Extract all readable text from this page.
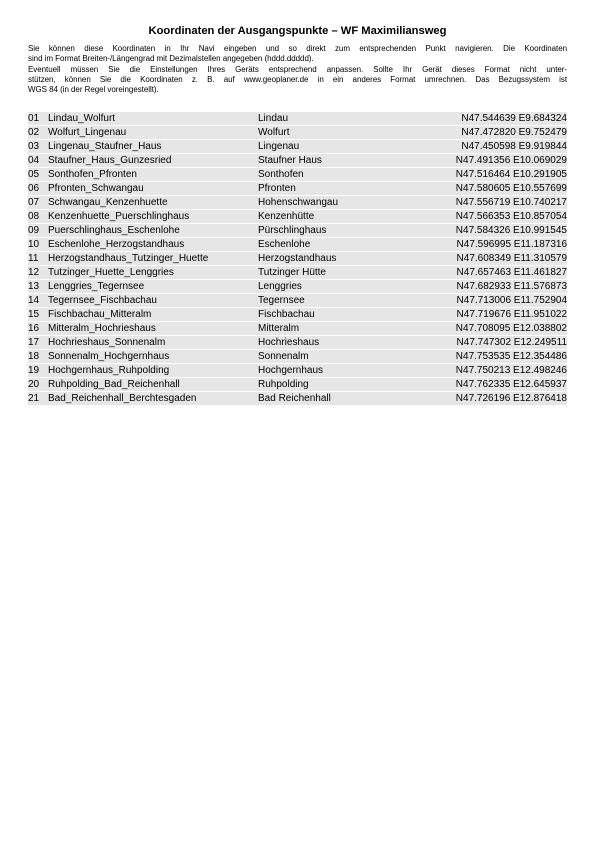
Koordinaten der Ausgangspunkte – WF Maximiliansweg
Sie können diese Koordinaten in Ihr Navi eingeben und so direkt zum entsprechenden Punkt navigieren. Die Koordinaten
sind im Format Breiten-/Längengrad mit Dezimalstellen angegeben (hddd.ddddd).
Eventuell müssen Sie die Einstellungen Ihres Geräts entsprechend anpassen. Sollte Ihr Gerät dieses Format nicht unter-
stützen, können Sie die Koordinaten z. B. auf www.geoplaner.de in ein anderes Format umrechnen. Das Bezugssystem ist
WGS 84 (in der Regel voreingestellt).
01	Lindau_Wolfurt	Lindau	N47.544639 E9.684324
02	Wolfurt_Lingenau	Wolfurt	N47.472820 E9.752479
03	Lingenau_Staufner_Haus	Lingenau	N47.450598 E9.919844
04	Staufner_Haus_Gunzesried	Staufner Haus	N47.491356 E10.069029
05	Sonthofen_Pfronten	Sonthofen	N47.516464 E10.291905
06	Pfronten_Schwangau	Pfronten	N47.580605 E10.557699
07	Schwangau_Kenzenhuette	Hohenschwangau	N47.556719 E10.740217
08	Kenzenhuette_Puerschlinghaus	Kenzenhütte	N47.566353 E10.857054
09	Puerschlinghaus_Eschenlohe	Pürschlinghaus	N47.584326 E10.991545
10	Eschenlohe_Herzogstandhaus	Eschenlohe	N47.596995 E11.187316
11	Herzogstandhaus_Tutzinger_Huette	Herzogstandhaus	N47.608349 E11.310579
12	Tutzinger_Huette_Lenggries	Tutzinger Hütte	N47.657463 E11.461827
13	Lenggries_Tegernsee	Lenggries	N47.682933 E11.576873
14	Tegernsee_Fischbachau	Tegernsee	N47.713006 E11.752904
15	Fischbachau_Mitteralm	Fischbachau	N47.719676 E11.951022
16	Mitteralm_Hochrieshaus	Mitteralm	N47.708095 E12.038802
17	Hochrieshaus_Sonnenalm	Hochrieshaus	N47.747302 E12.249511
18	Sonnenalm_Hochgernhaus	Sonnenalm	N47.753535 E12.354486
19	Hochgernhaus_Ruhpolding	Hochgernhaus	N47.750213 E12.498246
20	Ruhpolding_Bad_Reichenhall	Ruhpolding	N47.762335 E12.645937
21	Bad_Reichenhall_Berchtesgaden	Bad Reichenhall	N47.726196 E12.876418
